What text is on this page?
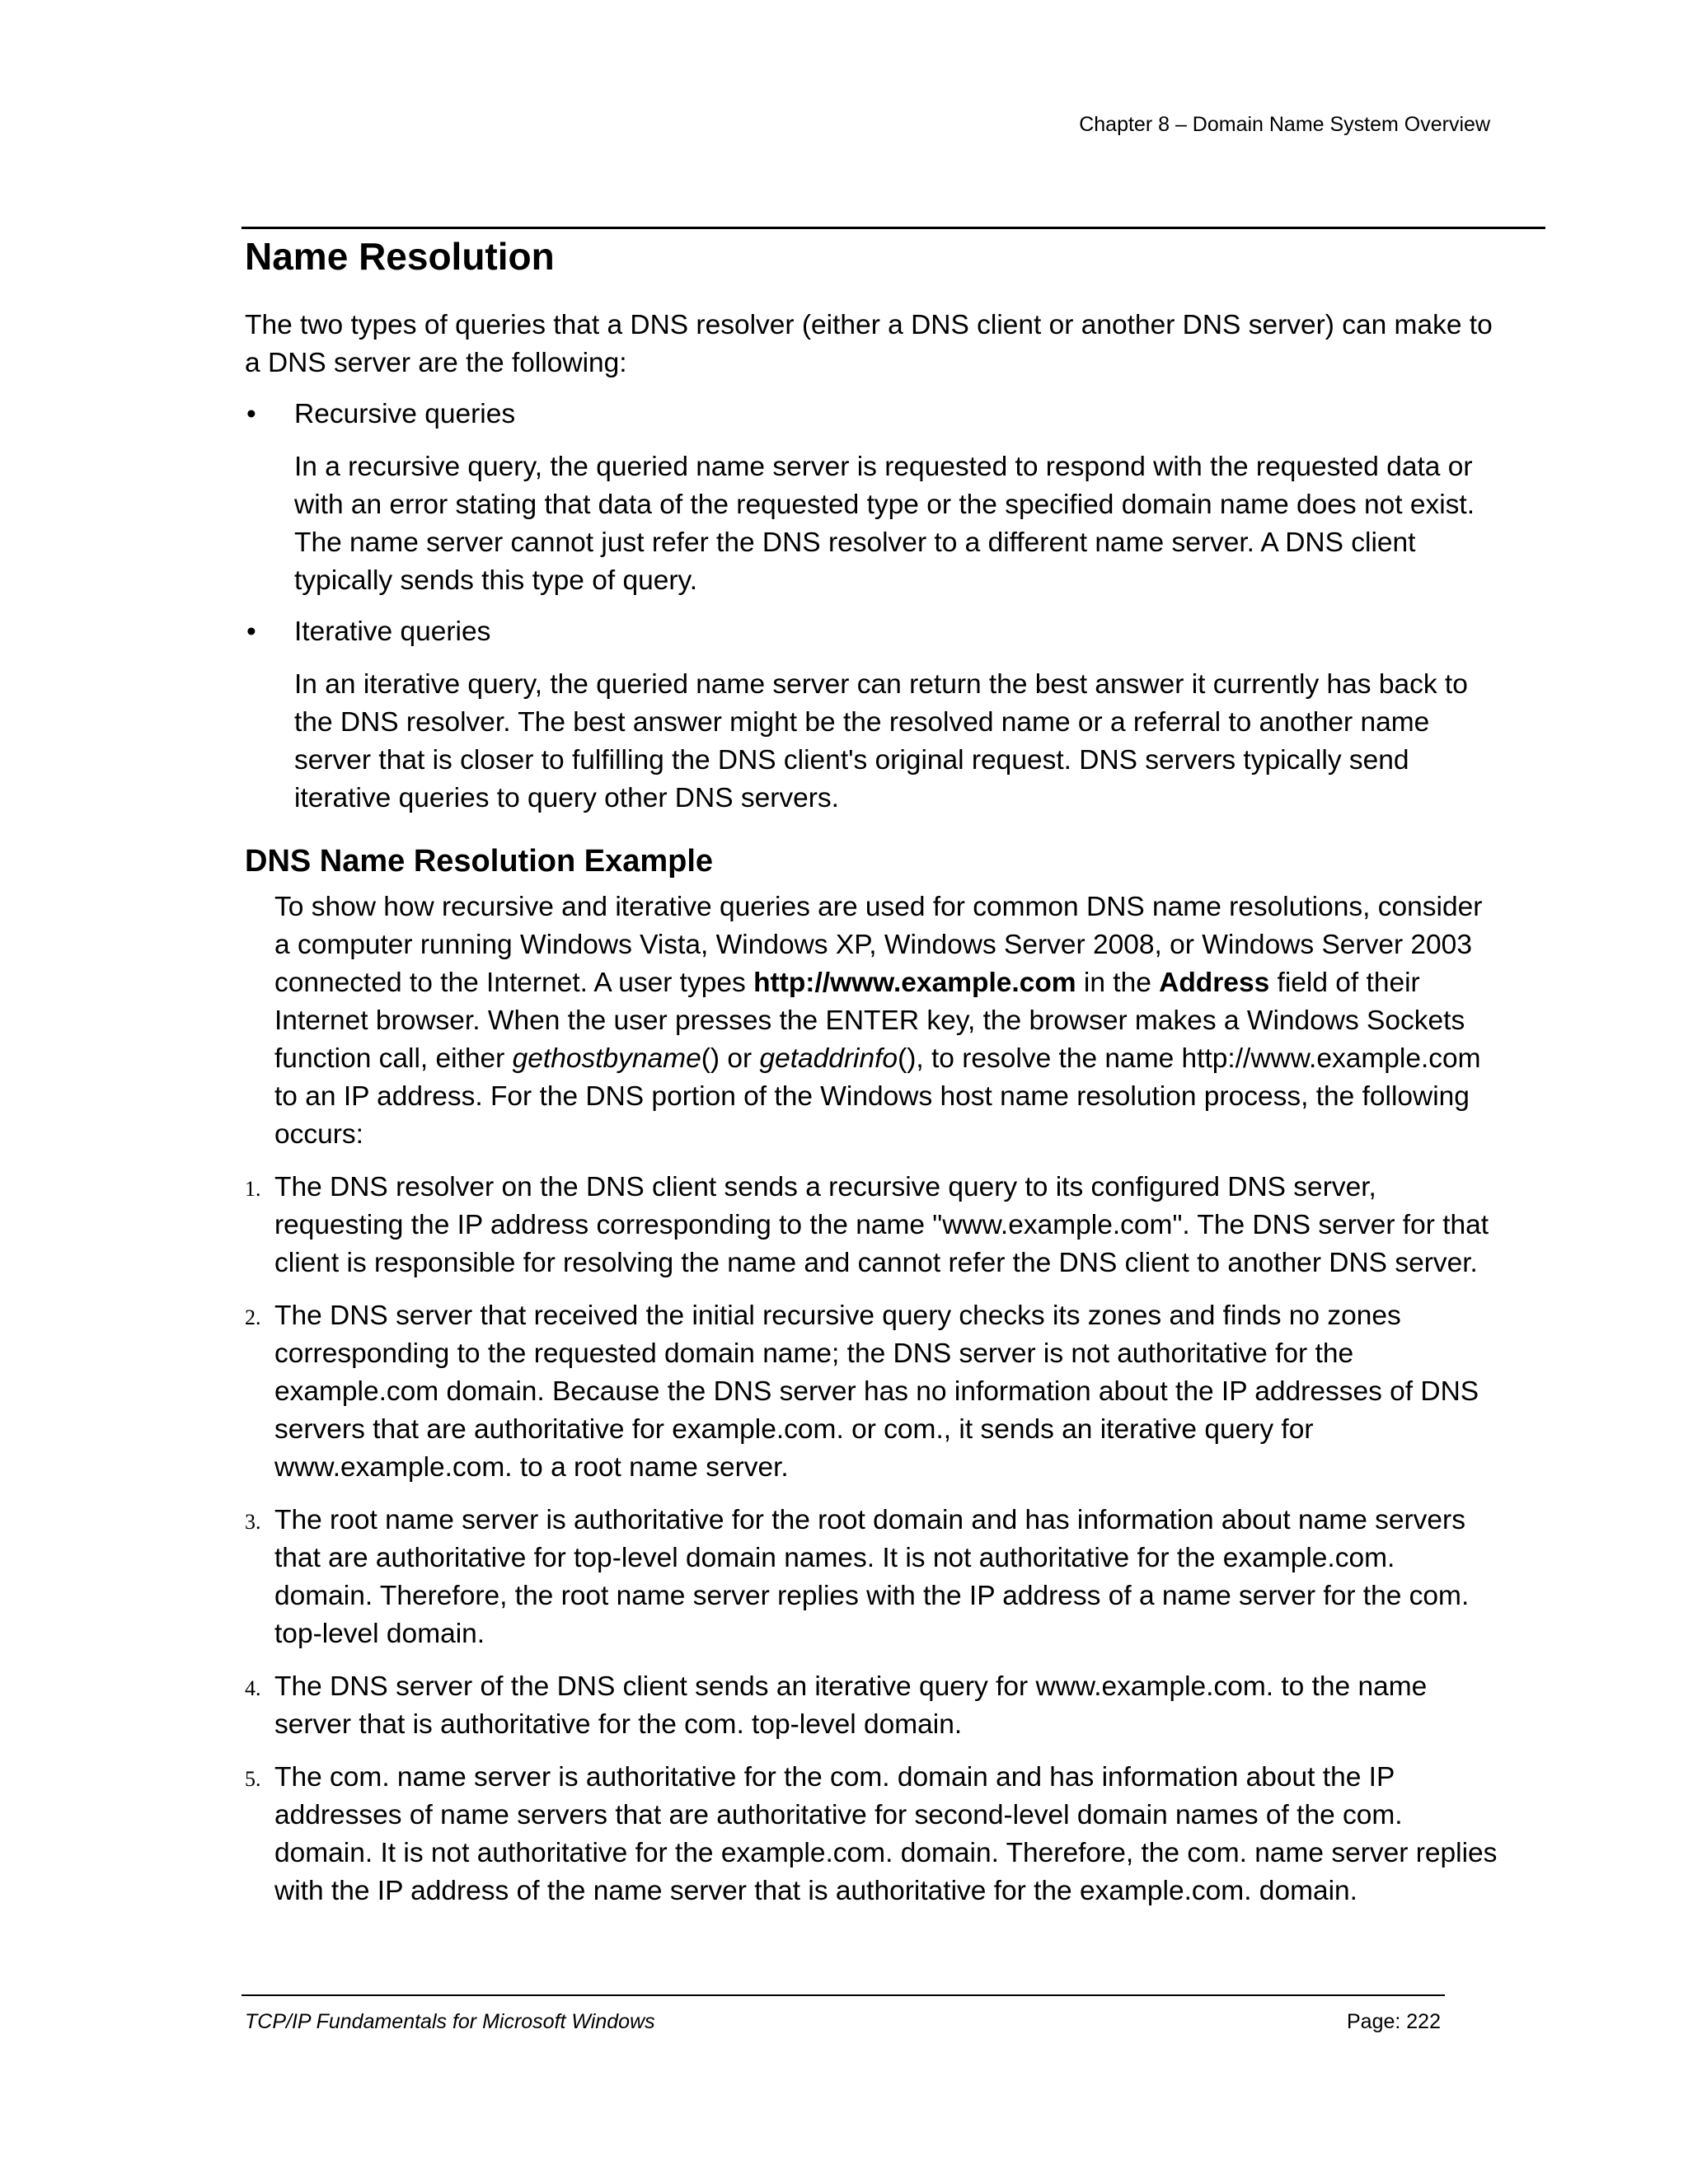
Chapter 8 – Domain Name System Overview
Name Resolution

The two types of queries that a DNS resolver (either a DNS client or another DNS server) can make to a DNS server are the following:

•	Recursive queries

In a recursive query, the queried name server is requested to respond with the requested data or with an error stating that data of the requested type or the specified domain name does not exist. The name server cannot just refer the DNS resolver to a different name server. A DNS client typically sends this type of query.

•	Iterative queries

In an iterative query, the queried name server can return the best answer it currently has back to the DNS resolver. The best answer might be the resolved name or a referral to another name server that is closer to fulfilling the DNS client's original request. DNS servers typically send iterative queries to query other DNS servers.

DNS Name Resolution Example

To show how recursive and iterative queries are used for common DNS name resolutions, consider a computer running Windows Vista, Windows XP, Windows Server 2008, or Windows Server 2003 connected to the Internet. A user types http://www.example.com in the Address field of their Internet browser. When the user presses the ENTER key, the browser makes a Windows Sockets function call, either gethostbyname() or getaddrinfo(), to resolve the name http://www.example.com to an IP address. For the DNS portion of the Windows host name resolution process, the following occurs:

1. The DNS resolver on the DNS client sends a recursive query to its configured DNS server, requesting the IP address corresponding to the name "www.example.com". The DNS server for that client is responsible for resolving the name and cannot refer the DNS client to another DNS server.
2. The DNS server that received the initial recursive query checks its zones and finds no zones corresponding to the requested domain name; the DNS server is not authoritative for the example.com domain. Because the DNS server has no information about the IP addresses of DNS servers that are authoritative for example.com. or com., it sends an iterative query for www.example.com. to a root name server.
3. The root name server is authoritative for the root domain and has information about name servers that are authoritative for top-level domain names. It is not authoritative for the example.com. domain. Therefore, the root name server replies with the IP address of a name server for the com. top-level domain.
4. The DNS server of the DNS client sends an iterative query for www.example.com. to the name server that is authoritative for the com. top-level domain.
5. The com. name server is authoritative for the com. domain and has information about the IP addresses of name servers that are authoritative for second-level domain names of the com. domain. It is not authoritative for the example.com. domain. Therefore, the com. name server replies with the IP address of the name server that is authoritative for the example.com. domain.
TCP/IP Fundamentals for Microsoft Windows	Page: 222
